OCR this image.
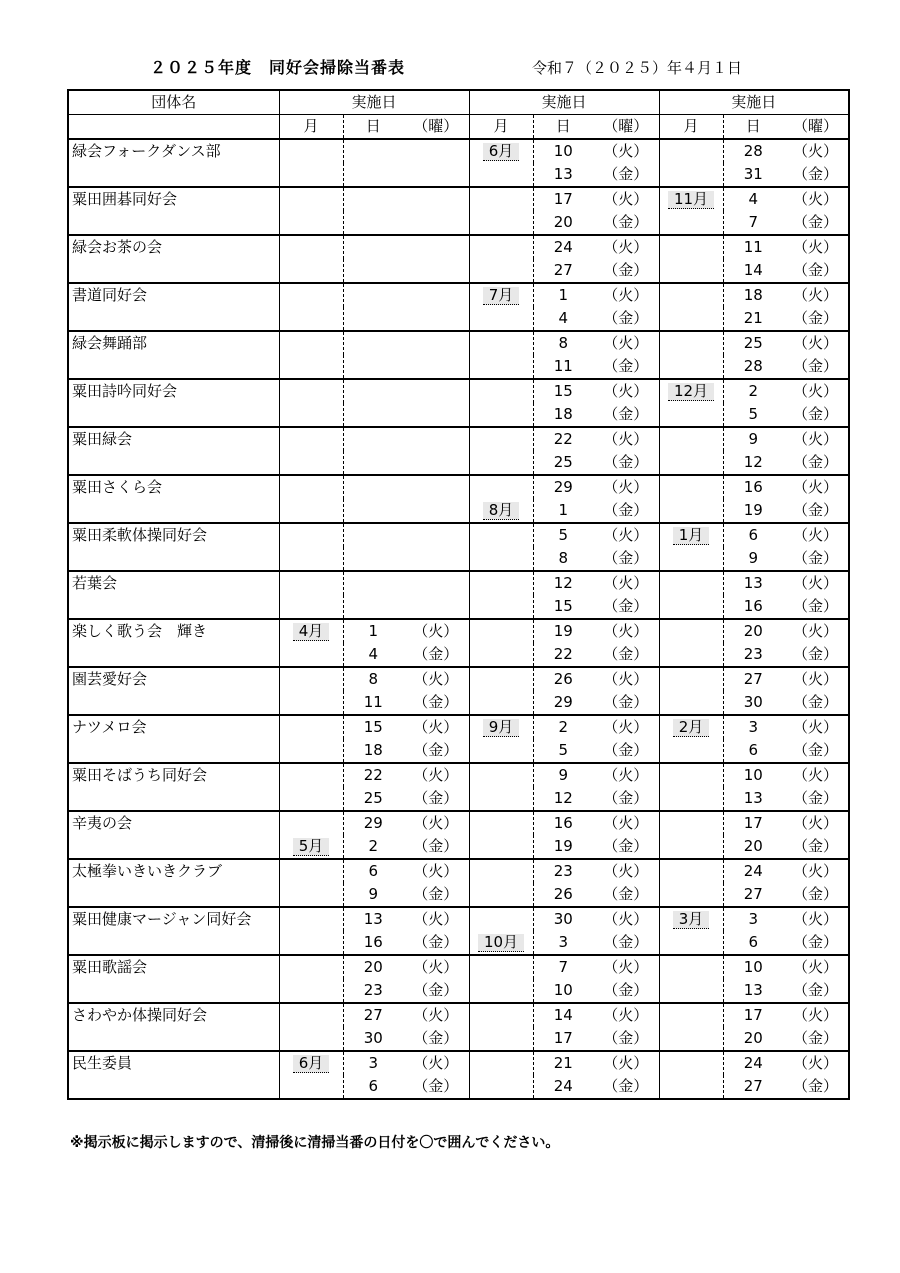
２０２５年度　同好会掃除当番表	令和７（２０２５）年４月１日
団体名	実施日			実施日			実施日		
	月	日	（曜）	月	日	（曜）	月	日	（曜）
緑会フォークダンス部				6月	10	（火）		28	（火）
					13	（金）		31	（金）
粟田囲碁同好会					17	（火）	11月	4	（火）
					20	（金）		7	（金）
緑会お茶の会					24	（火）		11	（火）
					27	（金）		14	（金）
書道同好会				7月	1	（火）		18	（火）
					4	（金）		21	（金）
緑会舞踊部					8	（火）		25	（火）
					11	（金）		28	（金）
粟田詩吟同好会					15	（火）	12月	2	（火）
					18	（金）		5	（金）
粟田緑会					22	（火）		9	（火）
					25	（金）		12	（金）
粟田さくら会					29	（火）		16	（火）
				8月	1	（金）		19	（金）
粟田柔軟体操同好会					5	（火）	1月	6	（火）
					8	（金）		9	（金）
若葉会					12	（火）		13	（火）
					15	（金）		16	（金）
楽しく歌う会　輝き	4月	1	（火）		19	（火）		20	（火）
		4	（金）		22	（金）		23	（金）
園芸愛好会		8	（火）		26	（火）		27	（火）
		11	（金）		29	（金）		30	（金）
ナツメロ会		15	（火）	9月	2	（火）	2月	3	（火）
		18	（金）		5	（金）		6	（金）
粟田そばうち同好会		22	（火）		9	（火）		10	（火）
		25	（金）		12	（金）		13	（金）
辛夷の会		29	（火）		16	（火）		17	（火）
	5月	2	（金）		19	（金）		20	（金）
太極拳いきいきクラブ		6	（火）		23	（火）		24	（火）
		9	（金）		26	（金）		27	（金）
粟田健康マージャン同好会		13	（火）		30	（火）	3月	3	（火）
		16	（金）	10月	3	（金）		6	（金）
粟田歌謡会		20	（火）		7	（火）		10	（火）
		23	（金）		10	（金）		13	（金）
さわやか体操同好会		27	（火）		14	（火）		17	（火）
		30	（金）		17	（金）		20	（金）
民生委員	6月	3	（火）		21	（火）		24	（火）
		6	（金）		24	（金）		27	（金）
※掲示板に掲示しますので、清掃後に清掃当番の日付を〇で囲んでください。
